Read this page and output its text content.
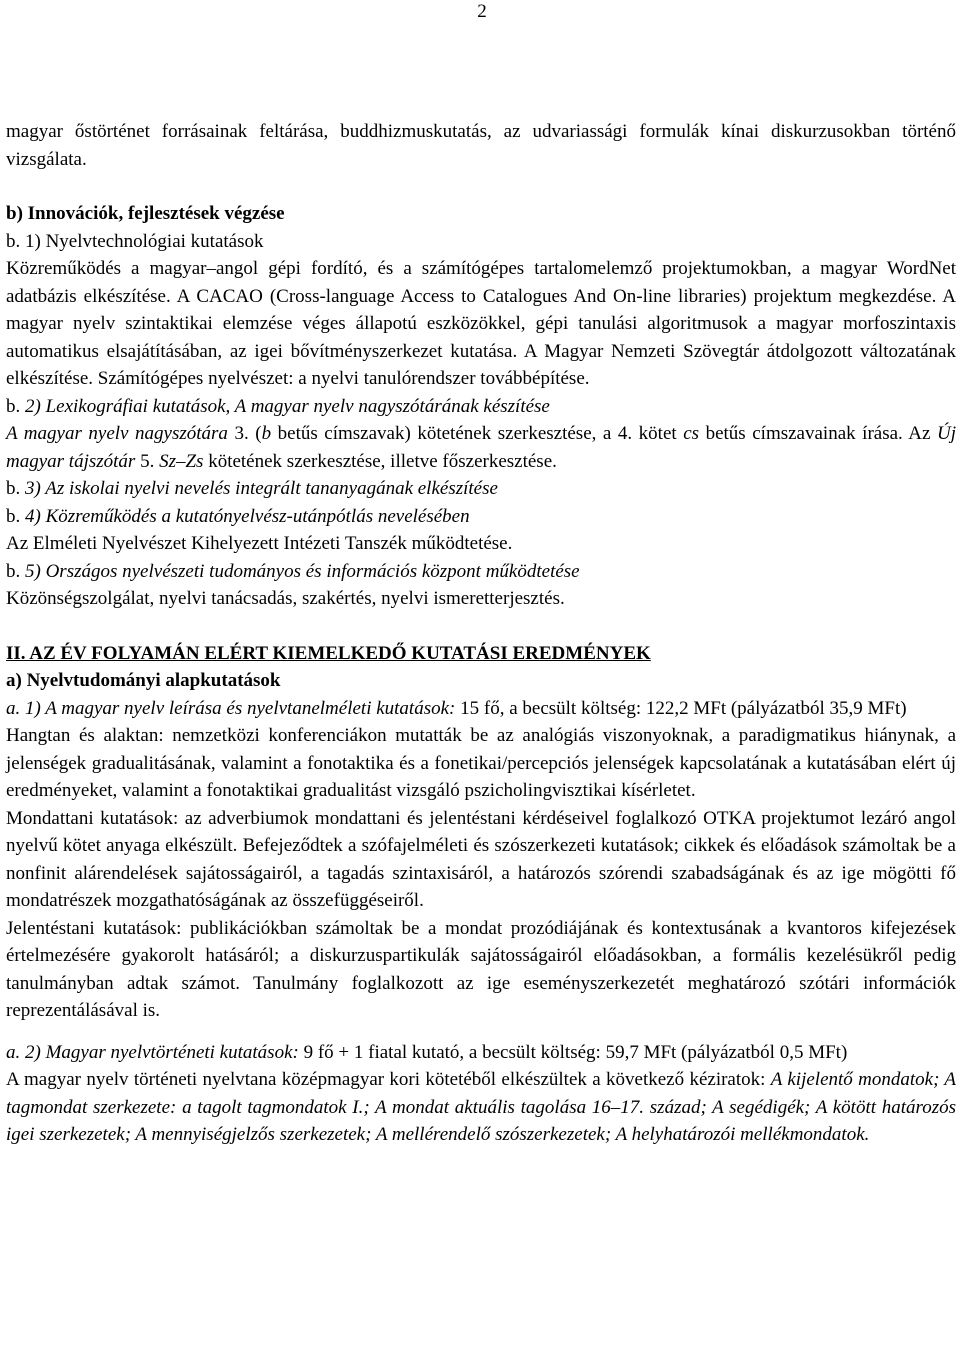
2

magyar őstörténet forrásainak feltárása, buddhizmuskutatás, az udvariassági formulák kínai diskurzusokban történő vizsgálata.

b) Innovációk, fejlesztések végzése

b. 1) Nyelvtechnológiai kutatások

Közreműködés a magyar‒angol gépi fordító, és a számítógépes tartalomelemző projektumokban, a magyar WordNet adatbázis elkészítése. A CACAO (Cross-language Access to Catalogues And On-line libraries) projektum megkezdése. A magyar nyelv szintaktikai elemzése véges állapotú eszközökkel, gépi tanulási algoritmusok a magyar morfoszintaxis automatikus elsajátításában, az igei bővítményszerkezet kutatása. A Magyar Nemzeti Szövegtár átdolgozott változatának elkészítése. Számítógépes nyelvészet: a nyelvi tanulórendszer továbbépítése.

b. 2) Lexikográfiai kutatások, A magyar nyelv nagyszótárának készítése

A magyar nyelv nagyszótára 3. (b betűs címszavak) kötetének szerkesztése, a 4. kötet cs betűs címszavainak írása. Az Új magyar tájszótár 5. Sz‒Zs kötetének szerkesztése, illetve főszerkesztése.

b. 3) Az iskolai nyelvi nevelés integrált tananyagának elkészítése

b. 4) Közreműködés a kutatónyelvész-utánpótlás nevelésében

Az Elméleti Nyelvészet Kihelyezett Intézeti Tanszék működtetése.

b. 5) Országos nyelvészeti tudományos és információs központ működtetése

Közönségszolgálat, nyelvi tanácsadás, szakértés, nyelvi ismeretterjesztés.

II. AZ ÉV FOLYAMÁN ELÉRT KIEMELKEDŐ KUTATÁSI EREDMÉNYEK

a) Nyelvtudományi alapkutatások

a. 1) A magyar nyelv leírása és nyelvtanelméleti kutatások: 15 fő, a becsült költség: 122,2 MFt (pályázatból 35,9 MFt)

Hangtan és alaktan: nemzetközi konferenciákon mutatták be az analógiás viszonyoknak, a paradigmatikus hiánynak, a jelenségek gradualitásának, valamint a fonotaktika és a fonetikai/percepciós jelenségek kapcsolatának a kutatásában elért új eredményeket, valamint a fonotaktikai gradualitást vizsgáló pszicholingvisztikai kísérletet.

Mondattani kutatások: az adverbiumok mondattani és jelentéstani kérdéseivel foglalkozó OTKA projektumot lezáró angol nyelvű kötet anyaga elkészült. Befejeződtek a szófajelméleti és szószerkezeti kutatások; cikkek és előadások számoltak be a nonfinit alárendelések sajátosságairól, a tagadás szintaxisáról, a határozós szórendi szabadságának és az ige mögötti fő mondatrészek mozgathatóságának az összefüggéseiről.

Jelentéstani kutatások: publikációkban számoltak be a mondat prozódiájának és kontextusának a kvantoros kifejezések értelmezésére gyakorolt hatásáról; a diskurzuspartikulák sajátosságairól előadásokban, a formális kezelésükről pedig tanulmányban adtak számot. Tanulmány foglalkozott az ige eseményszerkezetét meghatározó szótári információk reprezentálásával is.

a. 2) Magyar nyelvtörténeti kutatások: 9 fő + 1 fiatal kutató, a becsült költség: 59,7 MFt (pályázatból 0,5 MFt)

A magyar nyelv történeti nyelvtana középmagyar kori kötetéből elkészültek a következő kéziratok: A kijelentő mondatok; A tagmondat szerkezete: a tagolt tagmondatok I.; A mondat aktuális tagolása 16‒17. század; A segédigék; A kötött határozós igei szerkezetek; A mennyiségjelzős szerkezetek; A mellérendelő szószerkezetek; A helyhatározói mellékmondatok.
